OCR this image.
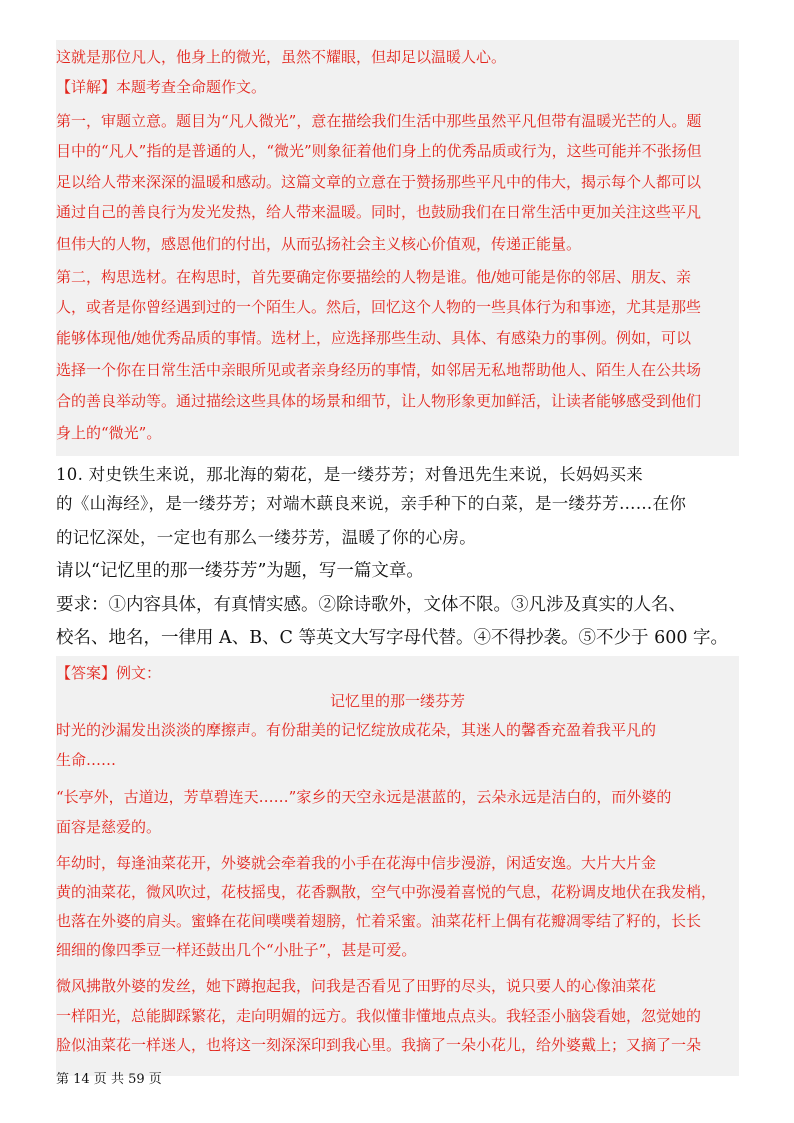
这就是那位凡人，他身上的微光，虽然不耀眼，但却足以温暖人心。
【详解】本题考查全命题作文。
第一，审题立意。题目为“凡人微光”，意在描绘我们生活中那些虽然平凡但带有温暖光芒的人。题
目中的“凡人”指的是普通的人，“微光”则象征着他们身上的优秀品质或行为，这些可能并不张扬但
足以给人带来深深的温暖和感动。这篇文章的立意在于赞扬那些平凡中的伟大，揭示每个人都可以
通过自己的善良行为发光发热，给人带来温暖。同时，也鼓励我们在日常生活中更加关注这些平凡
但伟大的人物，感恩他们的付出，从而弘扬社会主义核心价值观，传递正能量。
第二，构思选材。在构思时，首先要确定你要描绘的人物是谁。他/她可能是你的邻居、朋友、亲
人，或者是你曾经遇到过的一个陌生人。然后，回忆这个人物的一些具体行为和事迹，尤其是那些
能够体现他/她优秀品质的事情。选材上，应选择那些生动、具体、有感染力的事例。例如，可以
选择一个你在日常生活中亲眼所见或者亲身经历的事情，如邻居无私地帮助他人、陌生人在公共场
合的善良举动等。通过描绘这些具体的场景和细节，让人物形象更加鲜活，让读者能够感受到他们
身上的“微光”。
10. 对史铁生来说，那北海的菊花，是一缕芬芳；对鲁迅先生来说，长妈妈买来
的《山海经》，是一缕芬芳；对端木蕻良来说，亲手种下的白菜，是一缕芬芳……在你
的记忆深处，一定也有那么一缕芬芳，温暖了你的心房。
请以“记忆里的那一缕芬芳”为题，写一篇文章。
要求：①内容具体，有真情实感。②除诗歌外，文体不限。③凡涉及真实的人名、
校名、地名，一律用 A、B、C 等英文大写字母代替。④不得抄袭。⑤不少于 600 字。
【答案】例文：
记忆里的那一缕芬芳
时光的沙漏发出淡淡的摩擦声。有份甜美的记忆绽放成花朵，其迷人的馨香充盈着我平凡的
生命……
“长亭外，古道边，芳草碧连天……”家乡的天空永远是湛蓝的，云朵永远是洁白的，而外婆的
面容是慈爱的。
年幼时，每逢油菜花开，外婆就会牵着我的小手在花海中信步漫游，闲适安逸。大片大片金
黄的油菜花，微风吹过，花枝摇曳，花香飘散，空气中弥漫着喜悦的气息，花粉调皮地伏在我发梢，
也落在外婆的肩头。蜜蜂在花间噗噗着翅膀，忙着采蜜。油菜花杆上偶有花瓣凋零结了籽的，长长
细细的像四季豆一样还鼓出几个“小肚子”，甚是可爱。
微风拂散外婆的发丝，她下蹲抱起我，问我是否看见了田野的尽头，说只要人的心像油菜花
一样阳光，总能脚踩繁花，走向明媚的远方。我似懂非懂地点点头。我轻歪小脑袋看她，忽觉她的
脸似油菜花一样迷人，也将这一刻深深印到我心里。我摘了一朵小花儿，给外婆戴上；又摘了一朵
第 14 页 共 59 页
